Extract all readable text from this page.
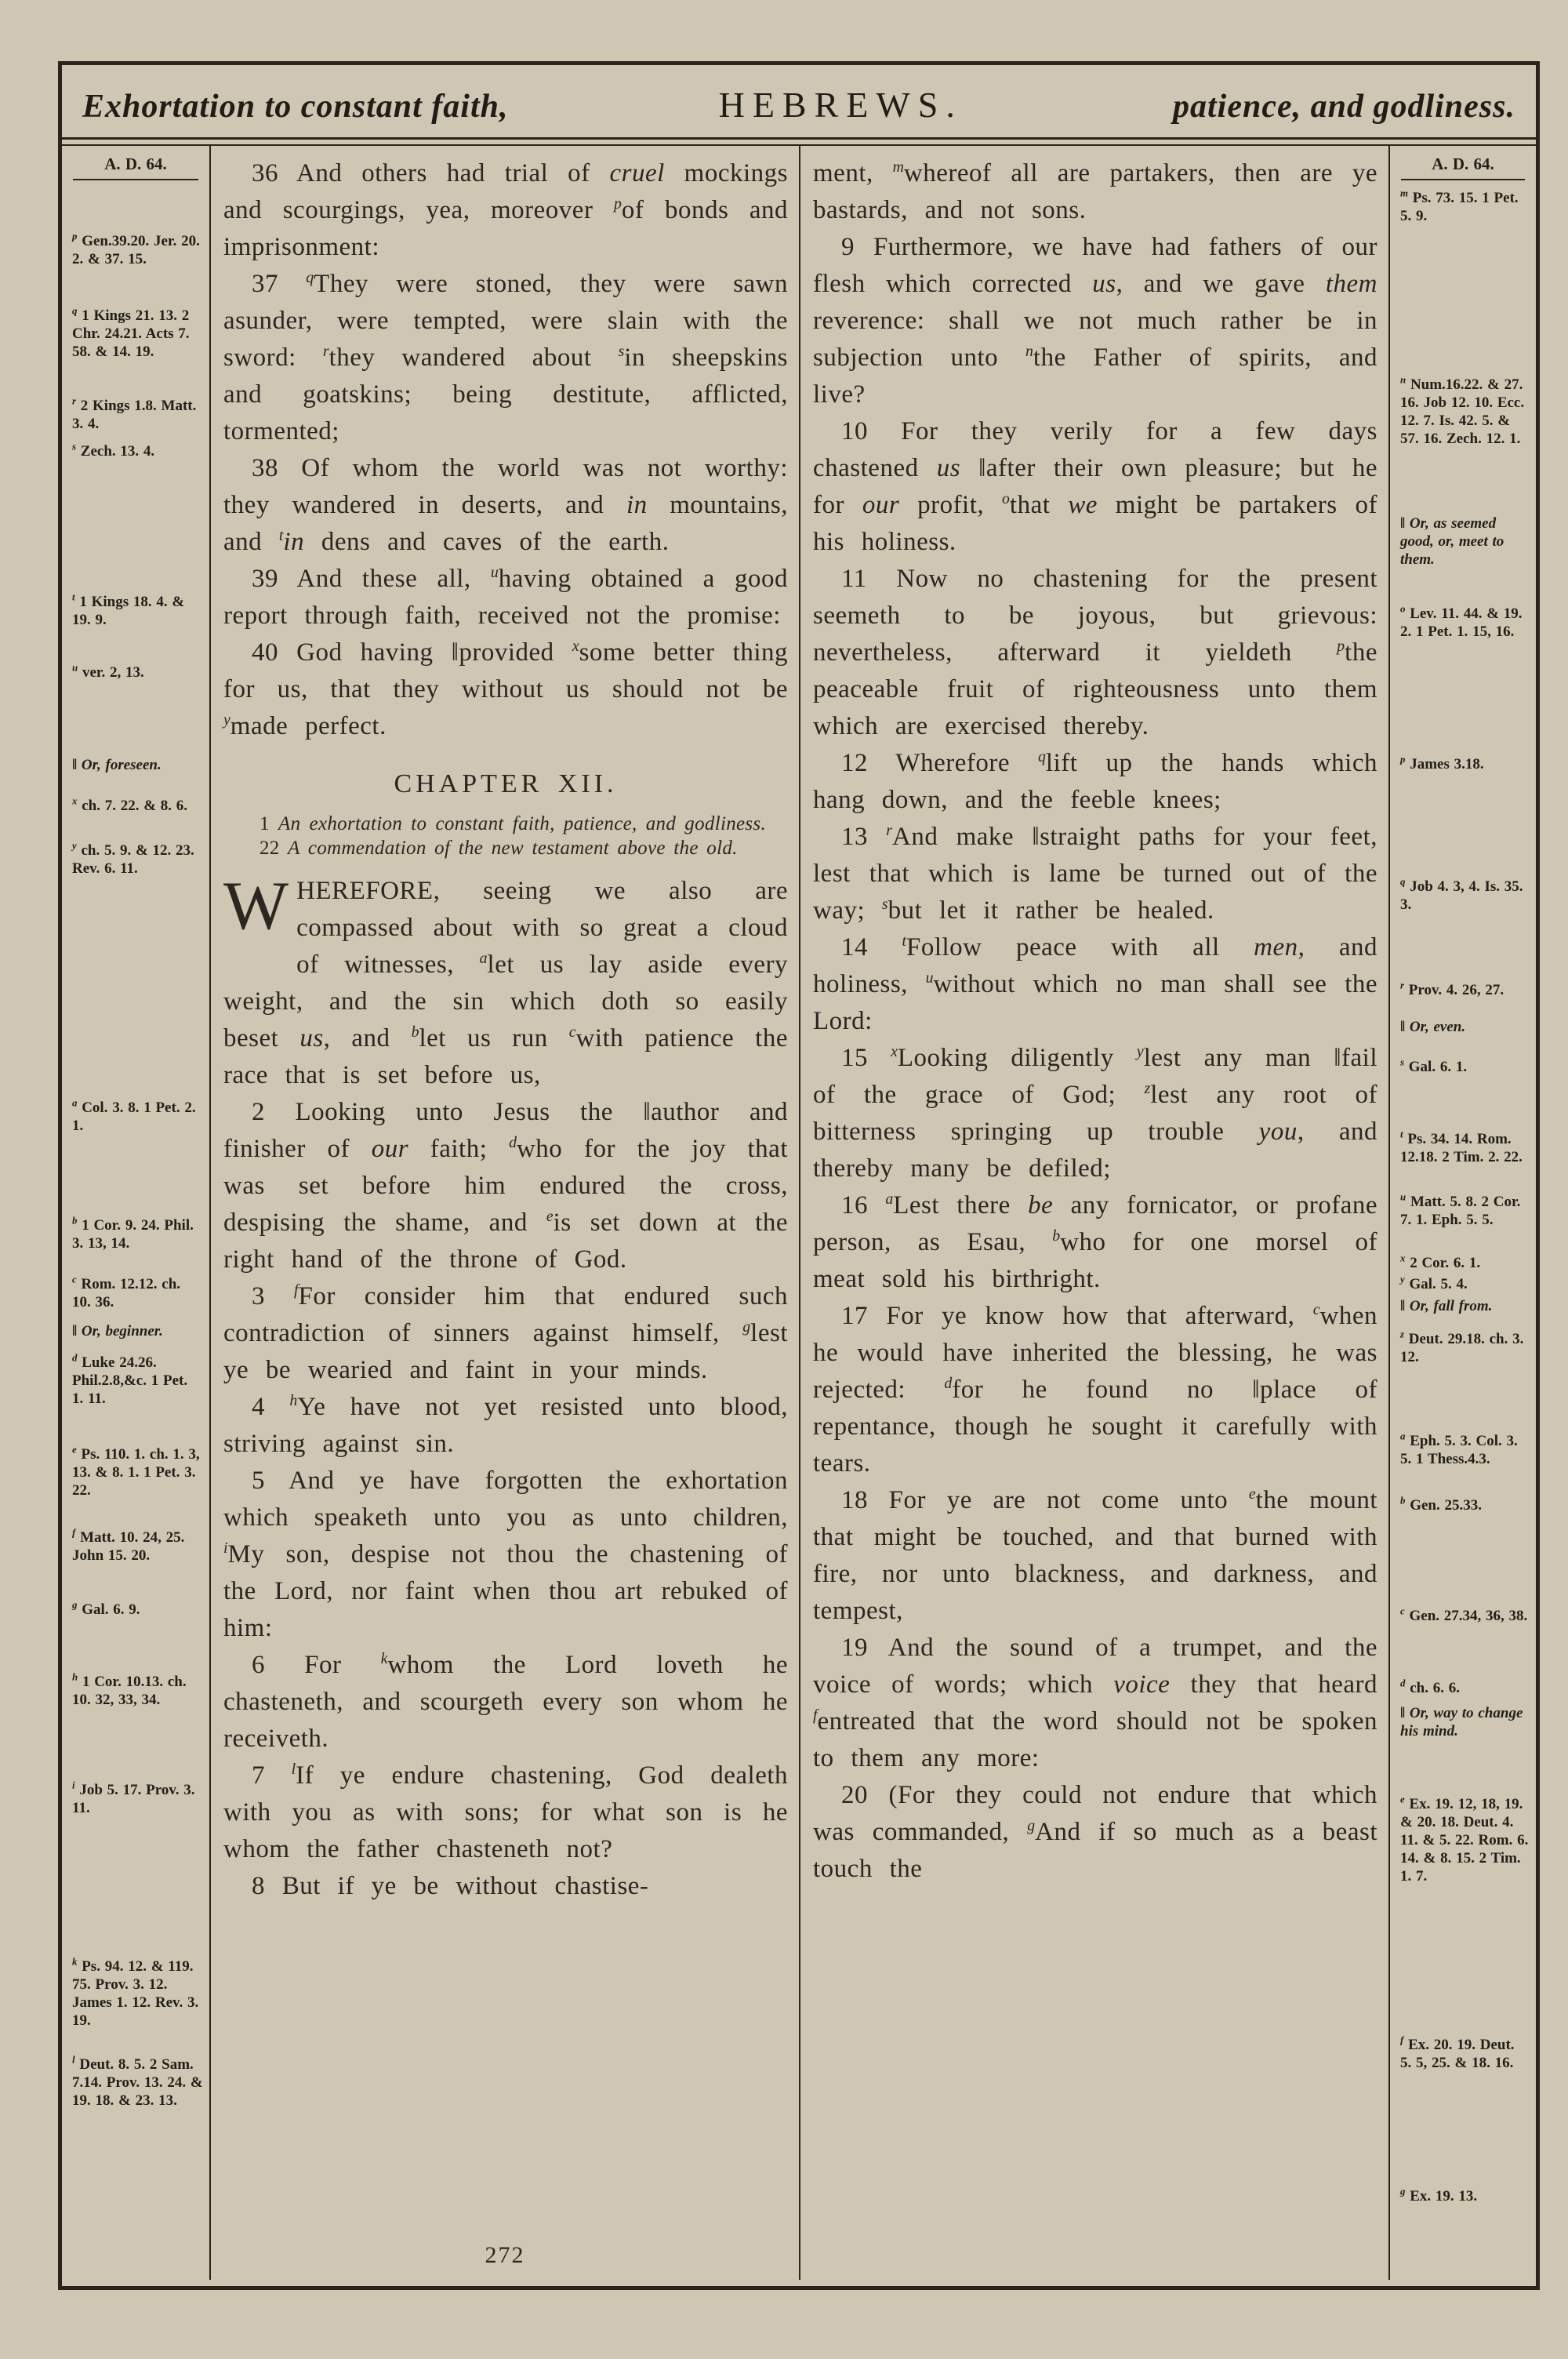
Exhortation to constant faith,	HEBREWS.	patience, and godliness.
A. D. 64.
$^p$ Gen.39.20. Jer. 20. 2. & 37. 15.
$^q$ 1 Kings 21. 13. 2 Chr. 24.21. Acts 7. 58. & 14. 19.
$^r$ 2 Kings 1.8. Matt. 3. 4.
$^s$ Zech. 13. 4.
$^t$ 1 Kings 18. 4. & 19. 9.
$^u$ ver. 2, 13.
‖ Or, foreseen.
$^x$ ch. 7. 22. & 8. 6.
$^y$ ch. 5. 9. & 12. 23. Rev. 6. 11.
$^a$ Col. 3. 8. 1 Pet. 2. 1.
$^b$ 1 Cor. 9. 24. Phil. 3. 13, 14.
$^c$ Rom. 12.12. ch. 10. 36.
‖ Or, beginner.
$^d$ Luke 24.26. Phil.2.8,&c. 1 Pet. 1. 11.
$^e$ Ps. 110. 1. ch. 1. 3, 13. & 8. 1. 1 Pet. 3. 22.
$^f$ Matt. 10. 24, 25. John 15. 20.
$^g$ Gal. 6. 9.
$^h$ 1 Cor. 10.13. ch. 10. 32, 33, 34.
$^i$ Job 5. 17. Prov. 3. 11.
$^k$ Ps. 94. 12. & 119. 75. Prov. 3. 12. James 1. 12. Rev. 3. 19.
$^l$ Deut. 8. 5. 2 Sam. 7.14. Prov. 13. 24. & 19. 18. & 23. 13.

36 And others had trial of cruel mockings and scourgings, yea, moreover $^p$of bonds and imprisonment:

37 $^q$They were stoned, they were sawn asunder, were tempted, were slain with the sword: $^r$they wandered about $^s$in sheepskins and goatskins; being destitute, afflicted, tormented;

38 Of whom the world was not worthy: they wandered in deserts, and in mountains, and $^t$in dens and caves of the earth.

39 And these all, $^u$having obtained a good report through faith, received not the promise:

40 God having ‖provided $^x$some better thing for us, that they without us should not be $^y$made perfect.

CHAPTER XII.

1 An exhortation to constant faith, patience, and godliness. 22 A commendation of the new testament above the old.

WHEREFORE, seeing we also are compassed about with so great a cloud of witnesses, $^a$let us lay aside every weight, and the sin which doth so easily beset us, and $^b$let us run $^c$with patience the race that is set before us,

2 Looking unto Jesus the ‖author and finisher of our faith; $^d$who for the joy that was set before him endured the cross, despising the shame, and $^e$is set down at the right hand of the throne of God.

3 $^f$For consider him that endured such contradiction of sinners against himself, $^g$lest ye be wearied and faint in your minds.

4 $^h$Ye have not yet resisted unto blood, striving against sin.

5 And ye have forgotten the exhortation which speaketh unto you as unto children, $^i$My son, despise not thou the chastening of the Lord, nor faint when thou art rebuked of him:

6 For $^k$whom the Lord loveth he chasteneth, and scourgeth every son whom he receiveth.

7 $^l$If ye endure chastening, God dealeth with you as with sons; for what son is he whom the father chasteneth not?

8 But if ye be without chastise-

272

ment, $^m$whereof all are partakers, then are ye bastards, and not sons.

9 Furthermore, we have had fathers of our flesh which corrected us, and we gave them reverence: shall we not much rather be in subjection unto $^n$the Father of spirits, and live?

10 For they verily for a few days chastened us ‖after their own pleasure; but he for our profit, $^o$that we might be partakers of his holiness.

11 Now no chastening for the present seemeth to be joyous, but grievous: nevertheless, afterward it yieldeth $^p$the peaceable fruit of righteousness unto them which are exercised thereby.

12 Wherefore $^q$lift up the hands which hang down, and the feeble knees;

13 $^r$And make ‖straight paths for your feet, lest that which is lame be turned out of the way; $^s$but let it rather be healed.

14 $^t$Follow peace with all men, and holiness, $^u$without which no man shall see the Lord:

15 $^x$Looking diligently $^y$lest any man ‖fail of the grace of God; $^z$lest any root of bitterness springing up trouble you, and thereby many be defiled;

16 $^a$Lest there be any fornicator, or profane person, as Esau, $^b$who for one morsel of meat sold his birthright.

17 For ye know how that afterward, $^c$when he would have inherited the blessing, he was rejected: $^d$for he found no ‖place of repentance, though he sought it carefully with tears.

18 For ye are not come unto $^e$the mount that might be touched, and that burned with fire, nor unto blackness, and darkness, and tempest,

19 And the sound of a trumpet, and the voice of words; which voice they that heard $^f$entreated that the word should not be spoken to them any more:

20 (For they could not endure that which was commanded, $^g$And if so much as a beast touch the

A. D. 64.
$^m$ Ps. 73. 15. 1 Pet. 5. 9.
$^n$ Num.16.22. & 27. 16. Job 12. 10. Ecc. 12. 7. Is. 42. 5. & 57. 16. Zech. 12. 1.
‖ Or, as seemed good, or, meet to them.
$^o$ Lev. 11. 44. & 19. 2. 1 Pet. 1. 15, 16.
$^p$ James 3.18.
$^q$ Job 4. 3, 4. Is. 35. 3.
$^r$ Prov. 4. 26, 27.
‖ Or, even.
$^s$ Gal. 6. 1.
$^t$ Ps. 34. 14. Rom. 12.18. 2 Tim. 2. 22.
$^u$ Matt. 5. 8. 2 Cor. 7. 1. Eph. 5. 5.
$^x$ 2 Cor. 6. 1.
$^y$ Gal. 5. 4.
‖ Or, fall from.
$^z$ Deut. 29.18. ch. 3. 12.
$^a$ Eph. 5. 3. Col. 3. 5. 1 Thess.4.3.
$^b$ Gen. 25.33.
$^c$ Gen. 27.34, 36, 38.
$^d$ ch. 6. 6.
‖ Or, way to change his mind.
$^e$ Ex. 19. 12, 18, 19. & 20. 18. Deut. 4. 11. & 5. 22. Rom. 6. 14. & 8. 15. 2 Tim. 1. 7.
$^f$ Ex. 20. 19. Deut. 5. 5, 25. & 18. 16.
$^g$ Ex. 19. 13.
